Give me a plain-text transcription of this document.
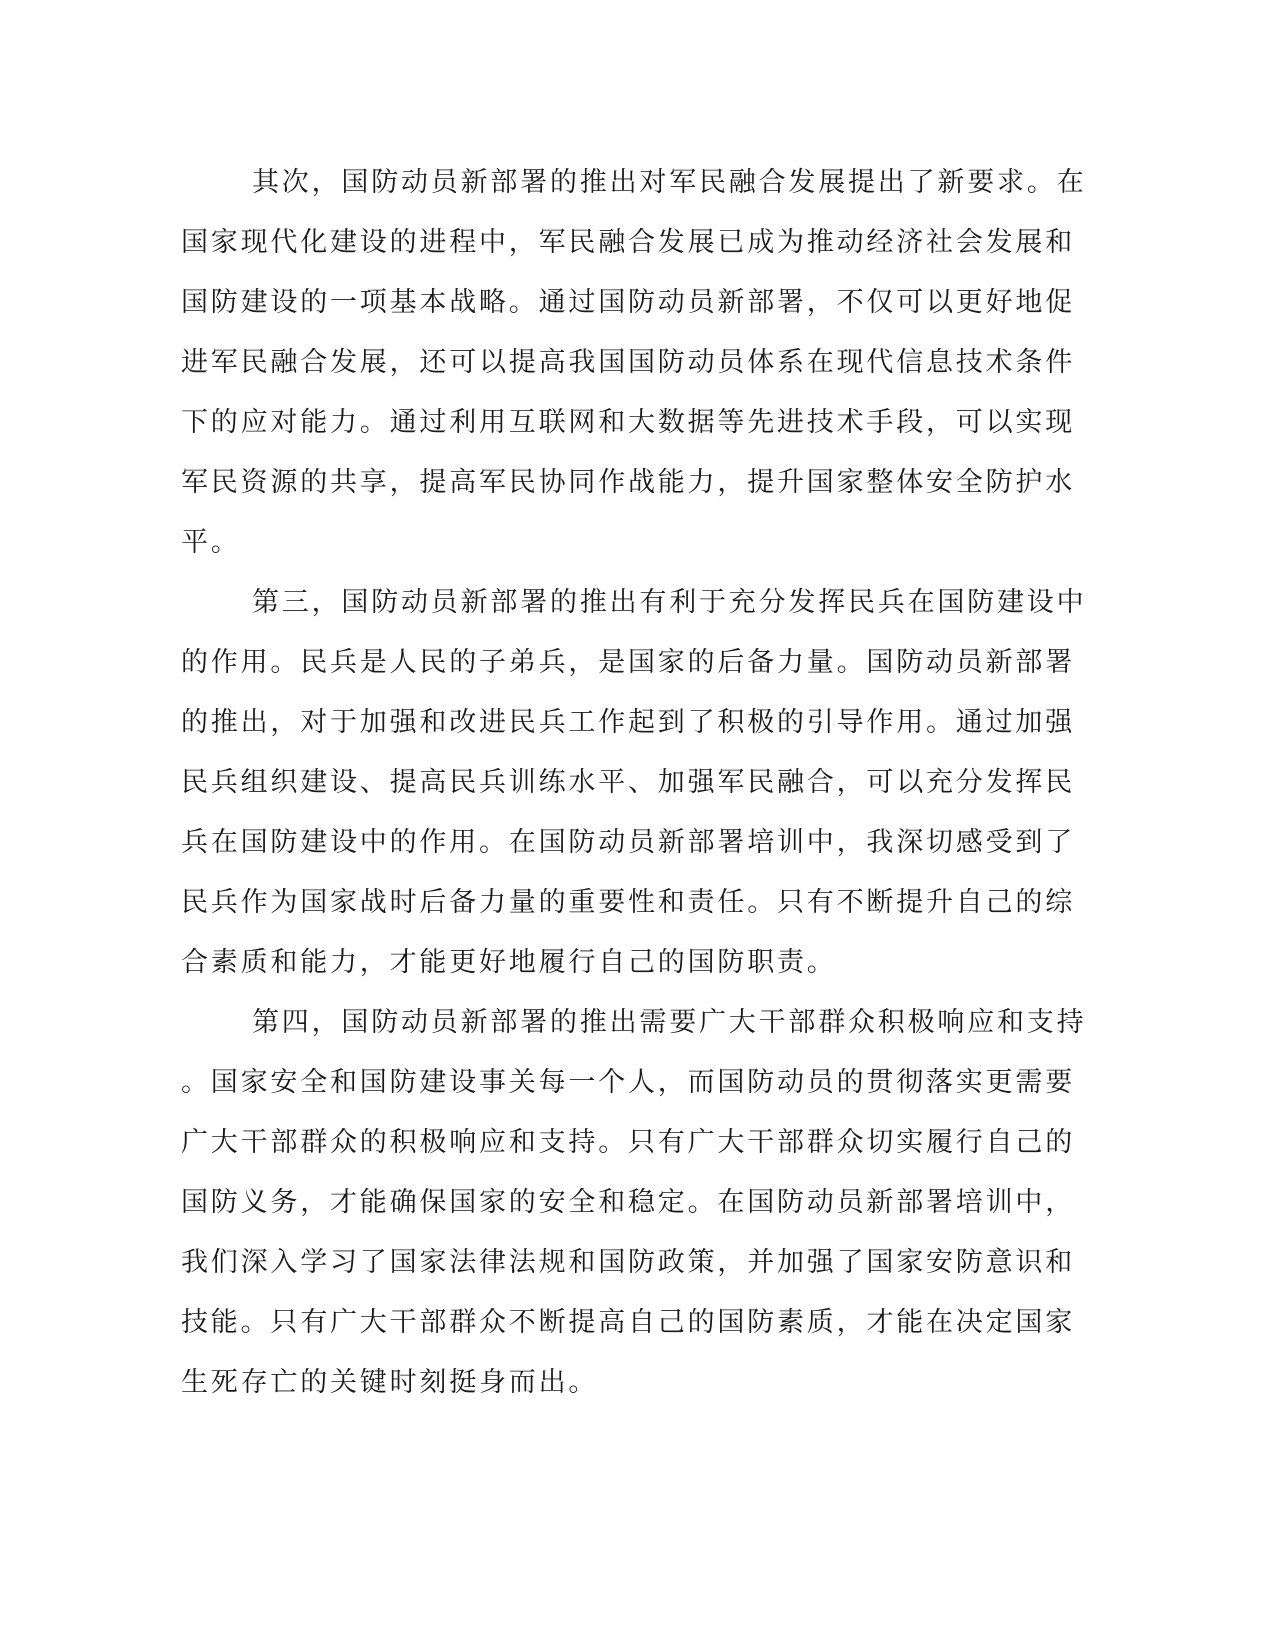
其次，国防动员新部署的推出对军民融合发展提出了新要求。在
国家现代化建设的进程中，军民融合发展已成为推动经济社会发展和
国防建设的一项基本战略。通过国防动员新部署，不仅可以更好地促
进军民融合发展，还可以提高我国国防动员体系在现代信息技术条件
下的应对能力。通过利用互联网和大数据等先进技术手段，可以实现
军民资源的共享，提高军民协同作战能力，提升国家整体安全防护水
平。
第三，国防动员新部署的推出有利于充分发挥民兵在国防建设中
的作用。民兵是人民的子弟兵，是国家的后备力量。国防动员新部署
的推出，对于加强和改进民兵工作起到了积极的引导作用。通过加强
民兵组织建设、提高民兵训练水平、加强军民融合，可以充分发挥民
兵在国防建设中的作用。在国防动员新部署培训中，我深切感受到了
民兵作为国家战时后备力量的重要性和责任。只有不断提升自己的综
合素质和能力，才能更好地履行自己的国防职责。
第四，国防动员新部署的推出需要广大干部群众积极响应和支持
。国家安全和国防建设事关每一个人，而国防动员的贯彻落实更需要
广大干部群众的积极响应和支持。只有广大干部群众切实履行自己的
国防义务，才能确保国家的安全和稳定。在国防动员新部署培训中，
我们深入学习了国家法律法规和国防政策，并加强了国家安防意识和
技能。只有广大干部群众不断提高自己的国防素质，才能在决定国家
生死存亡的关键时刻挺身而出。
